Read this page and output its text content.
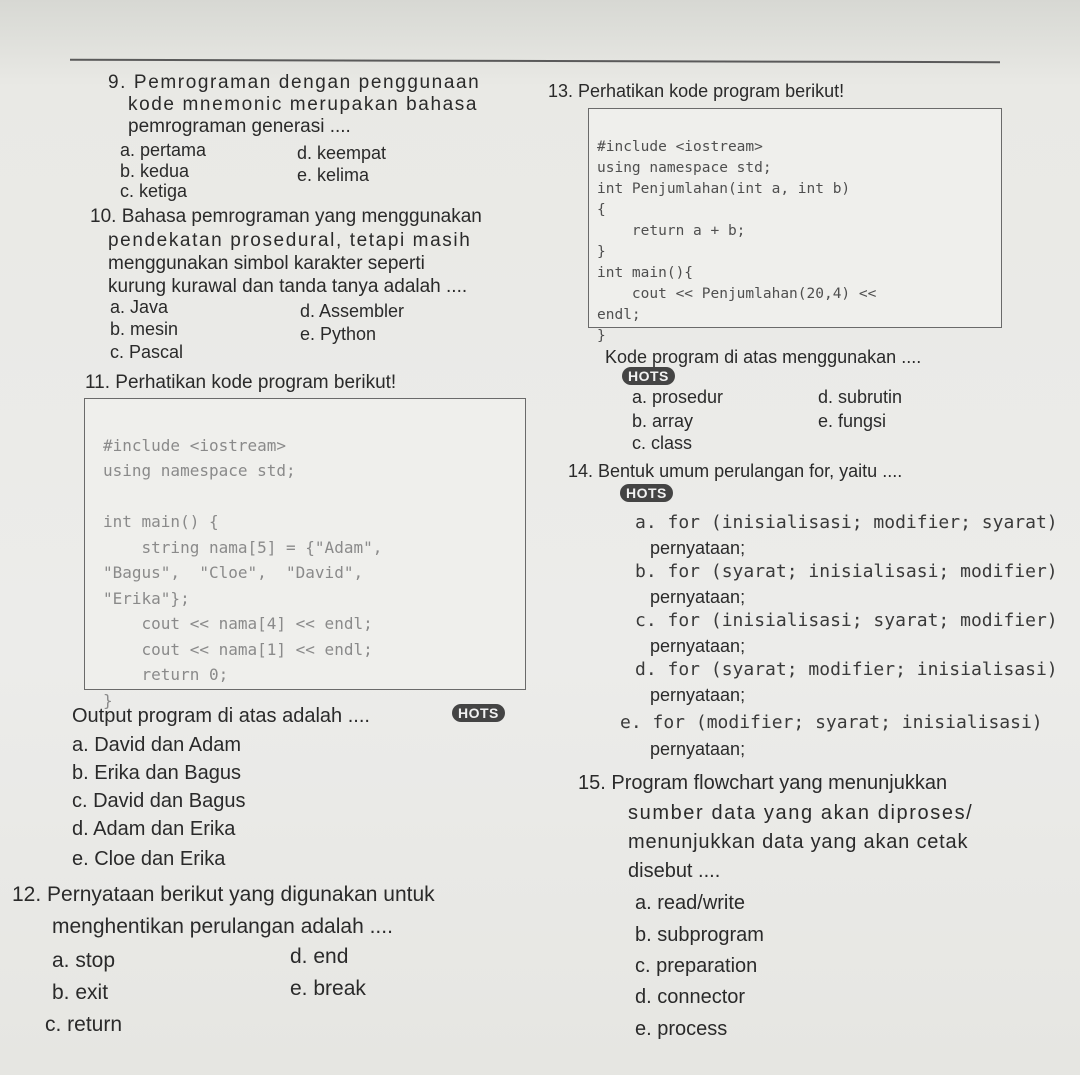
9. Pemrograman dengan penggunaan
kode mnemonic merupakan bahasa
pemrograman generasi ....
a. pertama	d. keempat
b. kedua	e. kelima
c. ketiga
10. Bahasa pemrograman yang menggunakan
pendekatan prosedural, tetapi masih
menggunakan simbol karakter seperti
kurung kurawal dan tanda tanya adalah ....
a. Java	d. Assembler
b. mesin	e. Python
c. Pascal
11. Perhatikan kode program berikut!

#include <iostream>
using namespace std;

int main() {
string nama[5] = {"Adam",
"Bagus",  "Cloe",  "David",
"Erika"};
cout << nama[4] << endl;
cout << nama[1] << endl;
return 0;
}

Output program di atas adalah ....	HOTS
a. David dan Adam
b. Erika dan Bagus
c. David dan Bagus
d. Adam dan Erika
e. Cloe dan Erika
12. Pernyataan berikut yang digunakan untuk
menghentikan perulangan adalah ....
a. stop	d. end
b. exit	e. break
c. return
13. Perhatikan kode program berikut!

#include <iostream>
using namespace std;
int Penjumlahan(int a, int b)
{
return a + b;
}
int main(){
cout << Penjumlahan(20,4) <<
endl;
}

Kode program di atas menggunakan ....
HOTS
a. prosedur	d. subrutin
b. array	e. fungsi
c. class
14. Bentuk umum perulangan for, yaitu ....
HOTS
a. for (inisialisasi; modifier; syarat)
pernyataan;
b. for (syarat; inisialisasi; modifier)
pernyataan;
c. for (inisialisasi; syarat; modifier)
pernyataan;
d. for (syarat; modifier; inisialisasi)
pernyataan;
e. for (modifier; syarat; inisialisasi)
pernyataan;
15. Program flowchart yang menunjukkan
sumber data yang akan diproses/
menunjukkan data yang akan cetak
disebut ....
a. read/write
b. subprogram
c. preparation
d. connector
e. process
